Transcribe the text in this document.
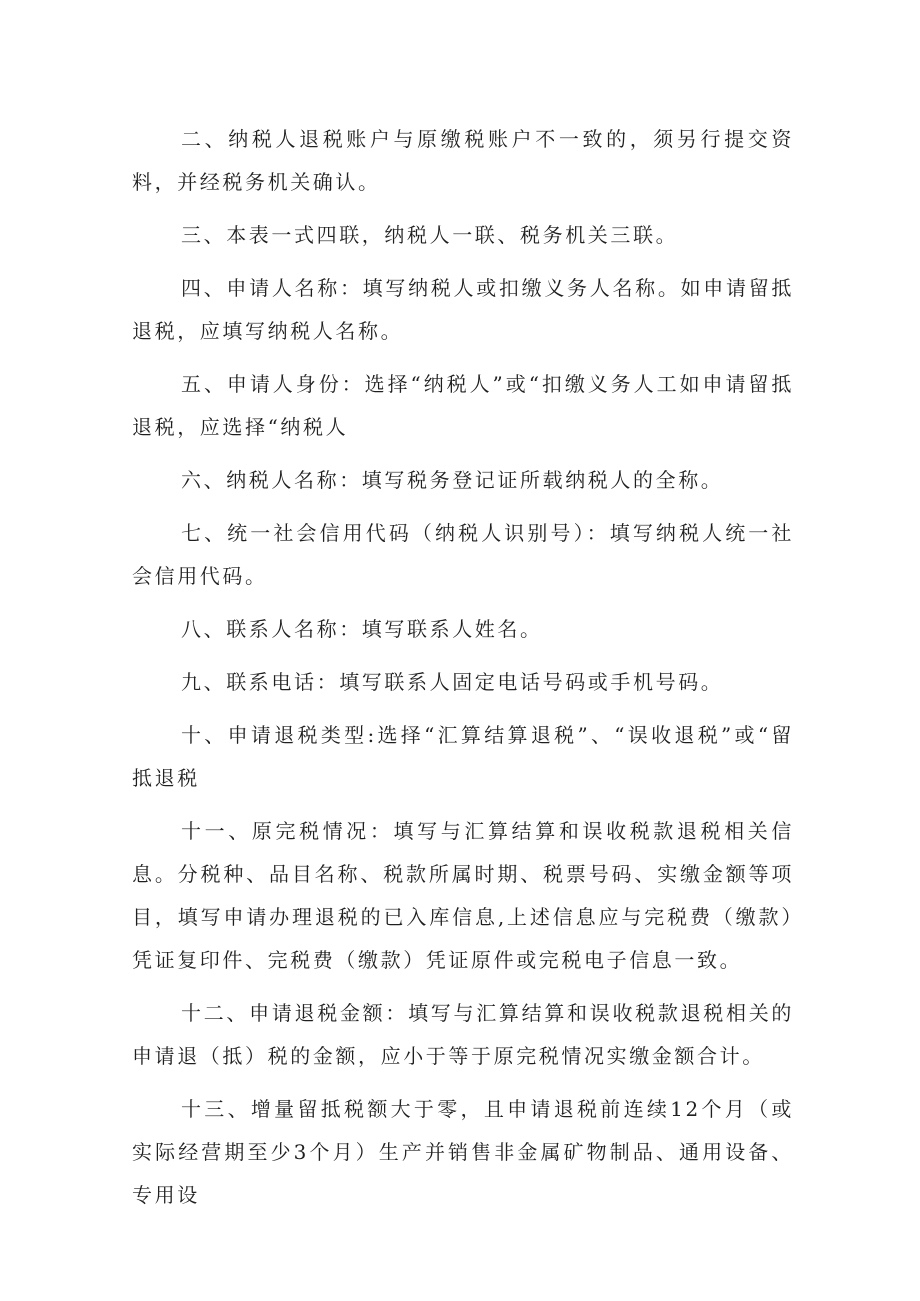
二、纳税人退税账户与原缴税账户不一致的，须另行提交资料，并经税务机关确认。

三、本表一式四联，纳税人一联、税务机关三联。

四、申请人名称：填写纳税人或扣缴义务人名称。如申请留抵退税，应填写纳税人名称。

五、申请人身份：选择“纳税人”或“扣缴义务人工如申请留抵退税，应选择“纳税人

六、纳税人名称：填写税务登记证所载纳税人的全称。

七、统一社会信用代码（纳税人识别号）：填写纳税人统一社会信用代码。

八、联系人名称：填写联系人姓名。

九、联系电话：填写联系人固定电话号码或手机号码。

十、申请退税类型:选择“汇算结算退税”、“误收退税”或“留抵退税

十一、原完税情况：填写与汇算结算和误收税款退税相关信息。分税种、品目名称、税款所属时期、税票号码、实缴金额等项目，填写申请办理退税的已入库信息,上述信息应与完税费（缴款）凭证复印件、完税费（缴款）凭证原件或完税电子信息一致。

十二、申请退税金额：填写与汇算结算和误收税款退税相关的申请退（抵）税的金额，应小于等于原完税情况实缴金额合计。

十三、增量留抵税额大于零，且申请退税前连续12个月（或实际经营期至少3个月）生产并销售非金属矿物制品、通用设备、专用设
